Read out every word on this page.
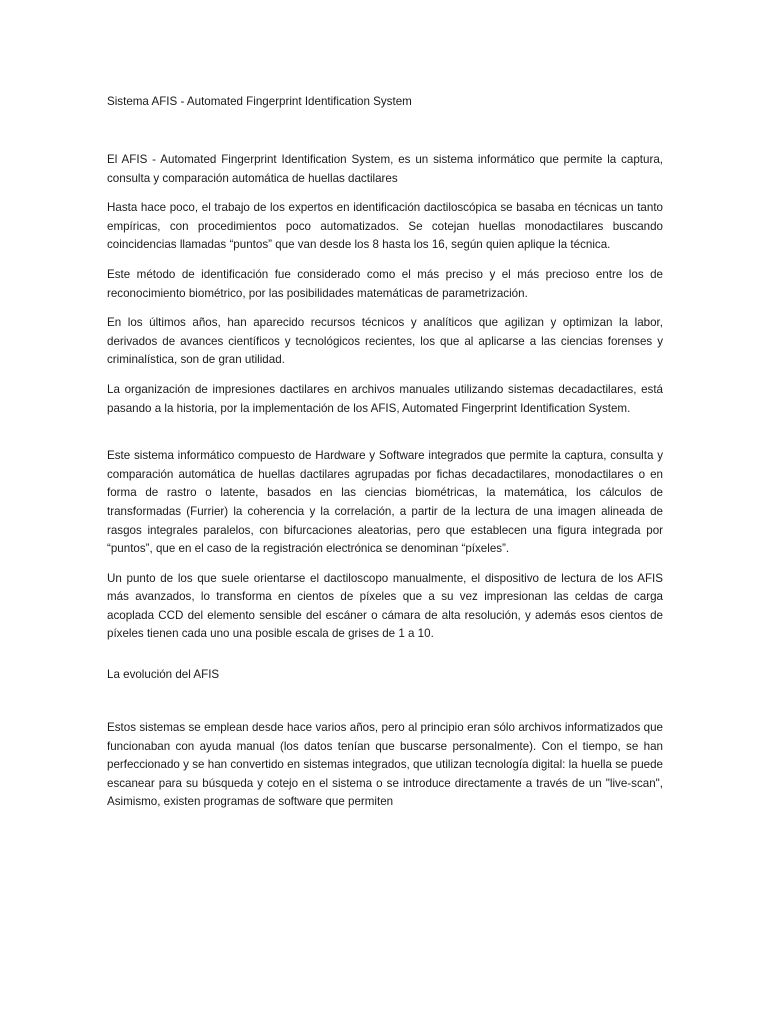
Sistema AFIS - Automated Fingerprint Identification System

El AFIS - Automated Fingerprint Identification System, es un sistema informático que permite la captura, consulta y comparación automática de huellas dactilares

Hasta hace poco, el trabajo de los expertos en identificación dactiloscópica se basaba en técnicas un tanto empíricas, con procedimientos poco automatizados. Se cotejan huellas monodactilares buscando coincidencias llamadas “puntos” que van desde los 8 hasta los 16, según quien aplique la técnica.

Este método de identificación fue considerado como el más preciso y el más precioso entre los de reconocimiento biométrico, por las posibilidades matemáticas de parametrización.

En los últimos años, han aparecido recursos técnicos y analíticos que agilizan y optimizan la labor, derivados de avances científicos y tecnológicos recientes, los que al aplicarse a las ciencias forenses y criminalística, son de gran utilidad.

La organización de impresiones dactilares en archivos manuales utilizando sistemas decadactilares, está pasando a la historia, por la implementación de los AFIS, Automated Fingerprint Identification System.

Este sistema informático compuesto de Hardware y Software integrados que permite la captura, consulta y comparación automática de huellas dactilares agrupadas por fichas decadactilares, monodactilares o en forma de rastro o latente, basados en las ciencias biométricas, la matemática, los cálculos de transformadas (Furrier) la coherencia y la correlación, a partir de la lectura de una imagen alineada de rasgos integrales paralelos, con bifurcaciones aleatorias, pero que establecen una figura integrada por “puntos”, que en el caso de la registración electrónica se denominan “píxeles”.

Un punto de los que suele orientarse el dactiloscopo manualmente, el dispositivo de lectura de los AFIS más avanzados, lo transforma en cientos de píxeles que a su vez impresionan las celdas de carga acoplada CCD del elemento sensible del escáner o cámara de alta resolución, y además esos cientos de píxeles tienen cada uno una posible escala de grises de 1 a 10.

La evolución del AFIS

Estos sistemas se emplean desde hace varios años, pero al principio eran sólo archivos informatizados que funcionaban con ayuda manual (los datos tenían que buscarse personalmente). Con el tiempo, se han perfeccionado y se han convertido en sistemas integrados, que utilizan tecnología digital: la huella se puede escanear para su búsqueda y cotejo en el sistema o se introduce directamente a través de un "live-scan", Asimismo, existen programas de software que permiten
